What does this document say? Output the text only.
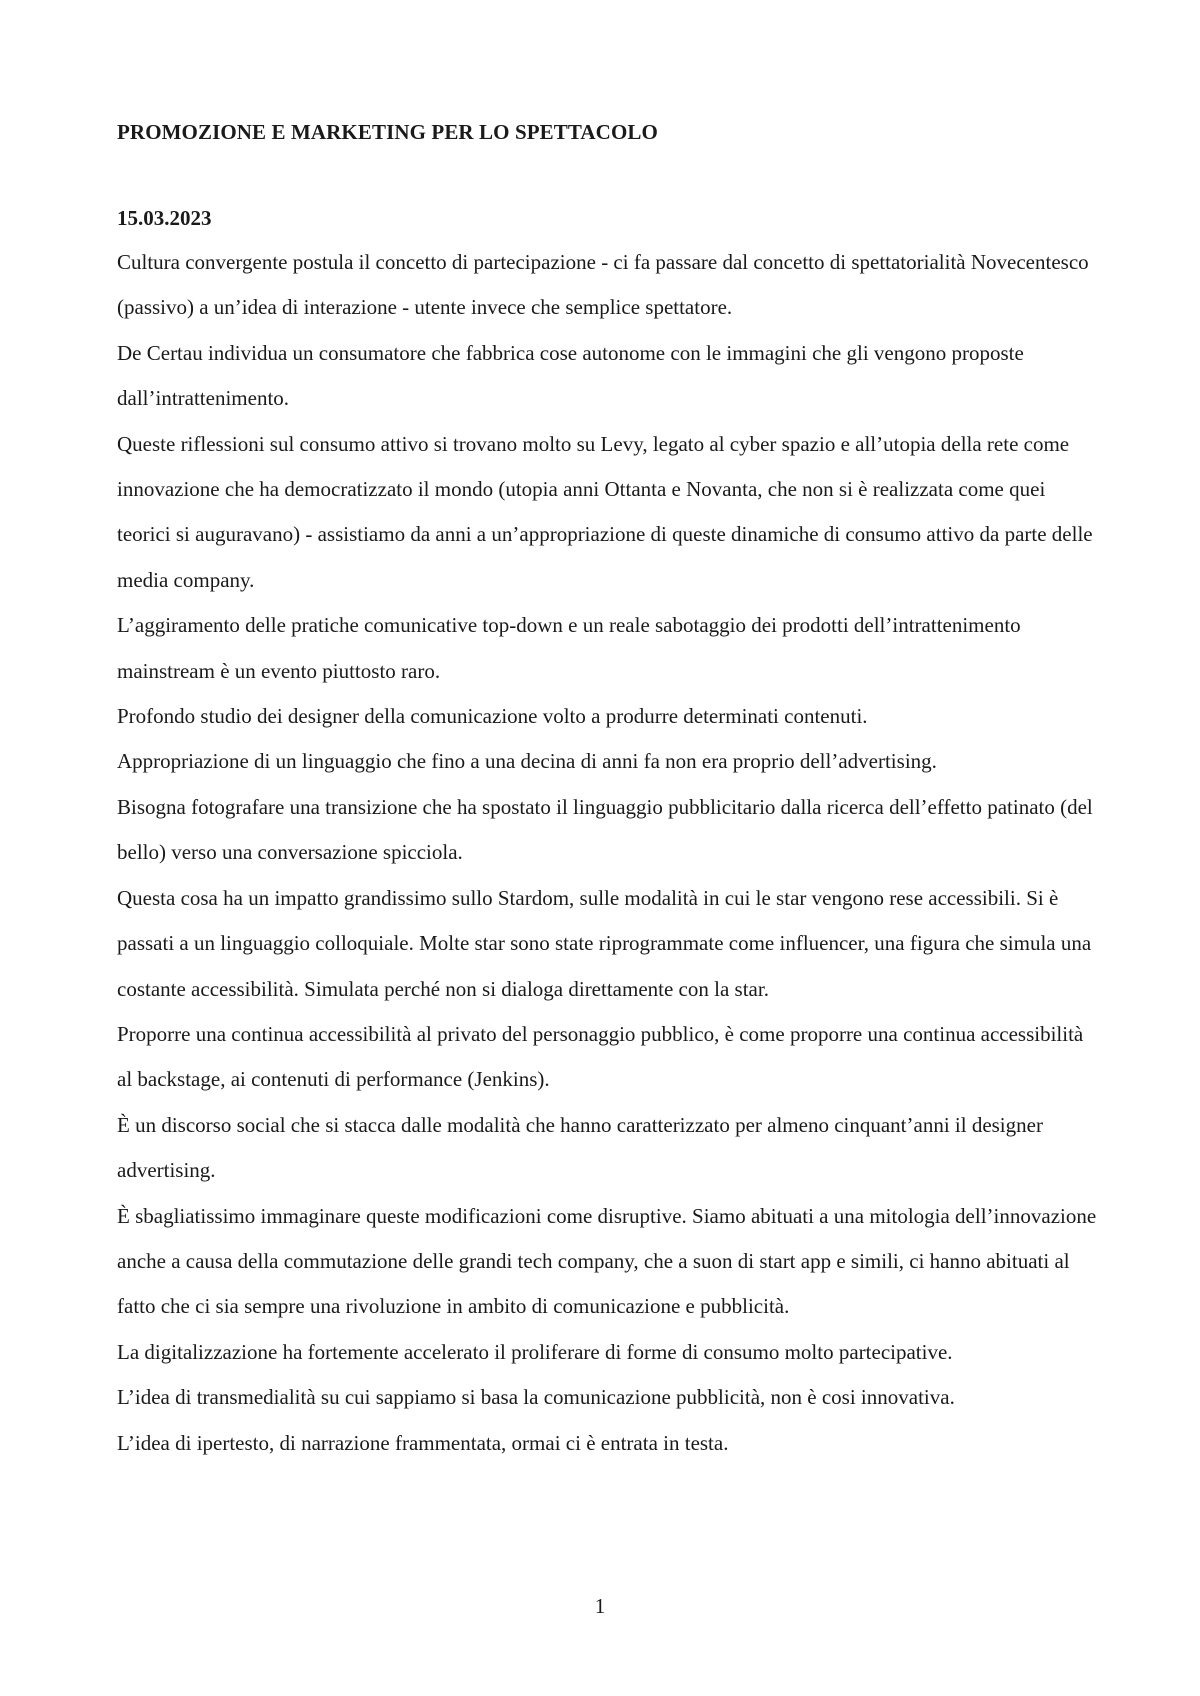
PROMOZIONE E MARKETING PER LO SPETTACOLO
15.03.2023

Cultura convergente postula il concetto di partecipazione - ci fa passare dal concetto di spettatorialità Novecentesco (passivo) a un’idea di interazione - utente invece che semplice spettatore.

De Certau individua un consumatore che fabbrica cose autonome con le immagini che gli vengono proposte dall’intrattenimento.

Queste riflessioni sul consumo attivo si trovano molto su Levy, legato al cyber spazio e all’utopia della rete come innovazione che ha democratizzato il mondo (utopia anni Ottanta e Novanta, che non si è realizzata come quei teorici si auguravano) - assistiamo da anni a un’appropriazione di queste dinamiche di consumo attivo da parte delle media company.

L’aggiramento delle pratiche comunicative top-down e un reale sabotaggio dei prodotti dell’intrattenimento mainstream è un evento piuttosto raro.

Profondo studio dei designer della comunicazione volto a produrre determinati contenuti.

Appropriazione di un linguaggio che fino a una decina di anni fa non era proprio dell’advertising.

Bisogna fotografare una transizione che ha spostato il linguaggio pubblicitario dalla ricerca dell’effetto patinato (del bello) verso una conversazione spicciola.

Questa cosa ha un impatto grandissimo sullo Stardom, sulle modalità in cui le star vengono rese accessibili. Si è passati a un linguaggio colloquiale. Molte star sono state riprogrammate come influencer, una figura che simula una costante accessibilità. Simulata perché non si dialoga direttamente con la star.

Proporre una continua accessibilità al privato del personaggio pubblico, è come proporre una continua accessibilità al backstage, ai contenuti di performance (Jenkins).

È un discorso social che si stacca dalle modalità che hanno caratterizzato per almeno cinquant’anni il designer advertising.

È sbagliatissimo immaginare queste modificazioni come disruptive. Siamo abituati a una mitologia dell’innovazione anche a causa della commutazione delle grandi tech company, che a suon di start app e simili, ci hanno abituati al fatto che ci sia sempre una rivoluzione in ambito di comunicazione e pubblicità.

La digitalizzazione ha fortemente accelerato il proliferare di forme di consumo molto partecipative.

L’idea di transmedialità su cui sappiamo si basa la comunicazione pubblicità, non è cosi innovativa.

L’idea di ipertesto, di narrazione frammentata, ormai ci è entrata in testa.

1
